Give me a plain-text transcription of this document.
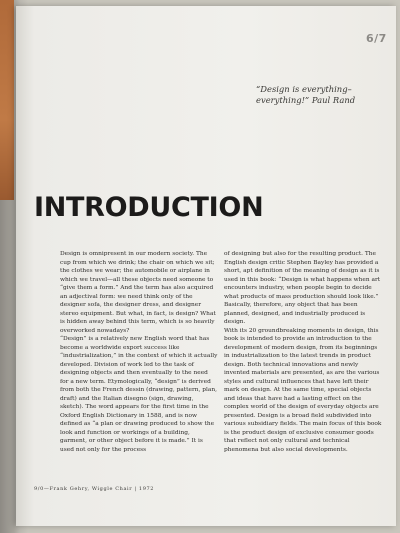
6/7
“Design is everything–
everything!” Paul Rand
INTRODUCTION

Design is omnipresent in our modern society. The cup from which we drink; the chair on which we sit; the clothes we wear; the automobile or airplane in which we travel—all these objects need someone to “give them a form.” And the term has also acquired an adjectival form: we need think only of the designer sofa, the designer dress, and designer stereo equipment. But what, in fact, is design? What is hidden away behind this term, which is so heavily overworked nowadays?

“Design” is a relatively new English word that has become a worldwide export success like “industrialization,” in the context of which it actually developed. Division of work led to the task of designing objects and then eventually to the need for a new term. Etymologically, “design” is derived from both the French dessin (drawing, pattern, plan, draft) and the Italian disegno (sign, drawing, sketch). The word appears for the first time in the Oxford English Dictionary in 1588, and is now defined as “a plan or drawing produced to show the look and function or workings of a building, garment, or other object before it is made.” It is used not only for the process

of designing but also for the resulting product. The English design critic Stephen Bayley has provided a short, apt definition of the meaning of design as it is used in this book: “Design is what happens when art encounters industry, when people begin to decide what products of mass production should look like.” Basically, therefore, any object that has been planned, designed, and industrially produced is design.

With its 20 groundbreaking moments in design, this book is intended to provide an introduction to the development of modern design, from its beginnings in industrialization to the latest trends in product design. Both technical innovations and newly invented materials are presented, as are the various styles and cultural influences that have left their mark on design. At the same time, special objects and ideas that have had a lasting effect on the complex world of the design of everyday objects are presented. Design is a broad field subdivided into various subsidiary fields. The main focus of this book is the product design of exclusive consumer goods that reflect not only cultural and technical phenomena but also social developments.

9/0—Frank Gehry, Wiggle Chair | 1972
